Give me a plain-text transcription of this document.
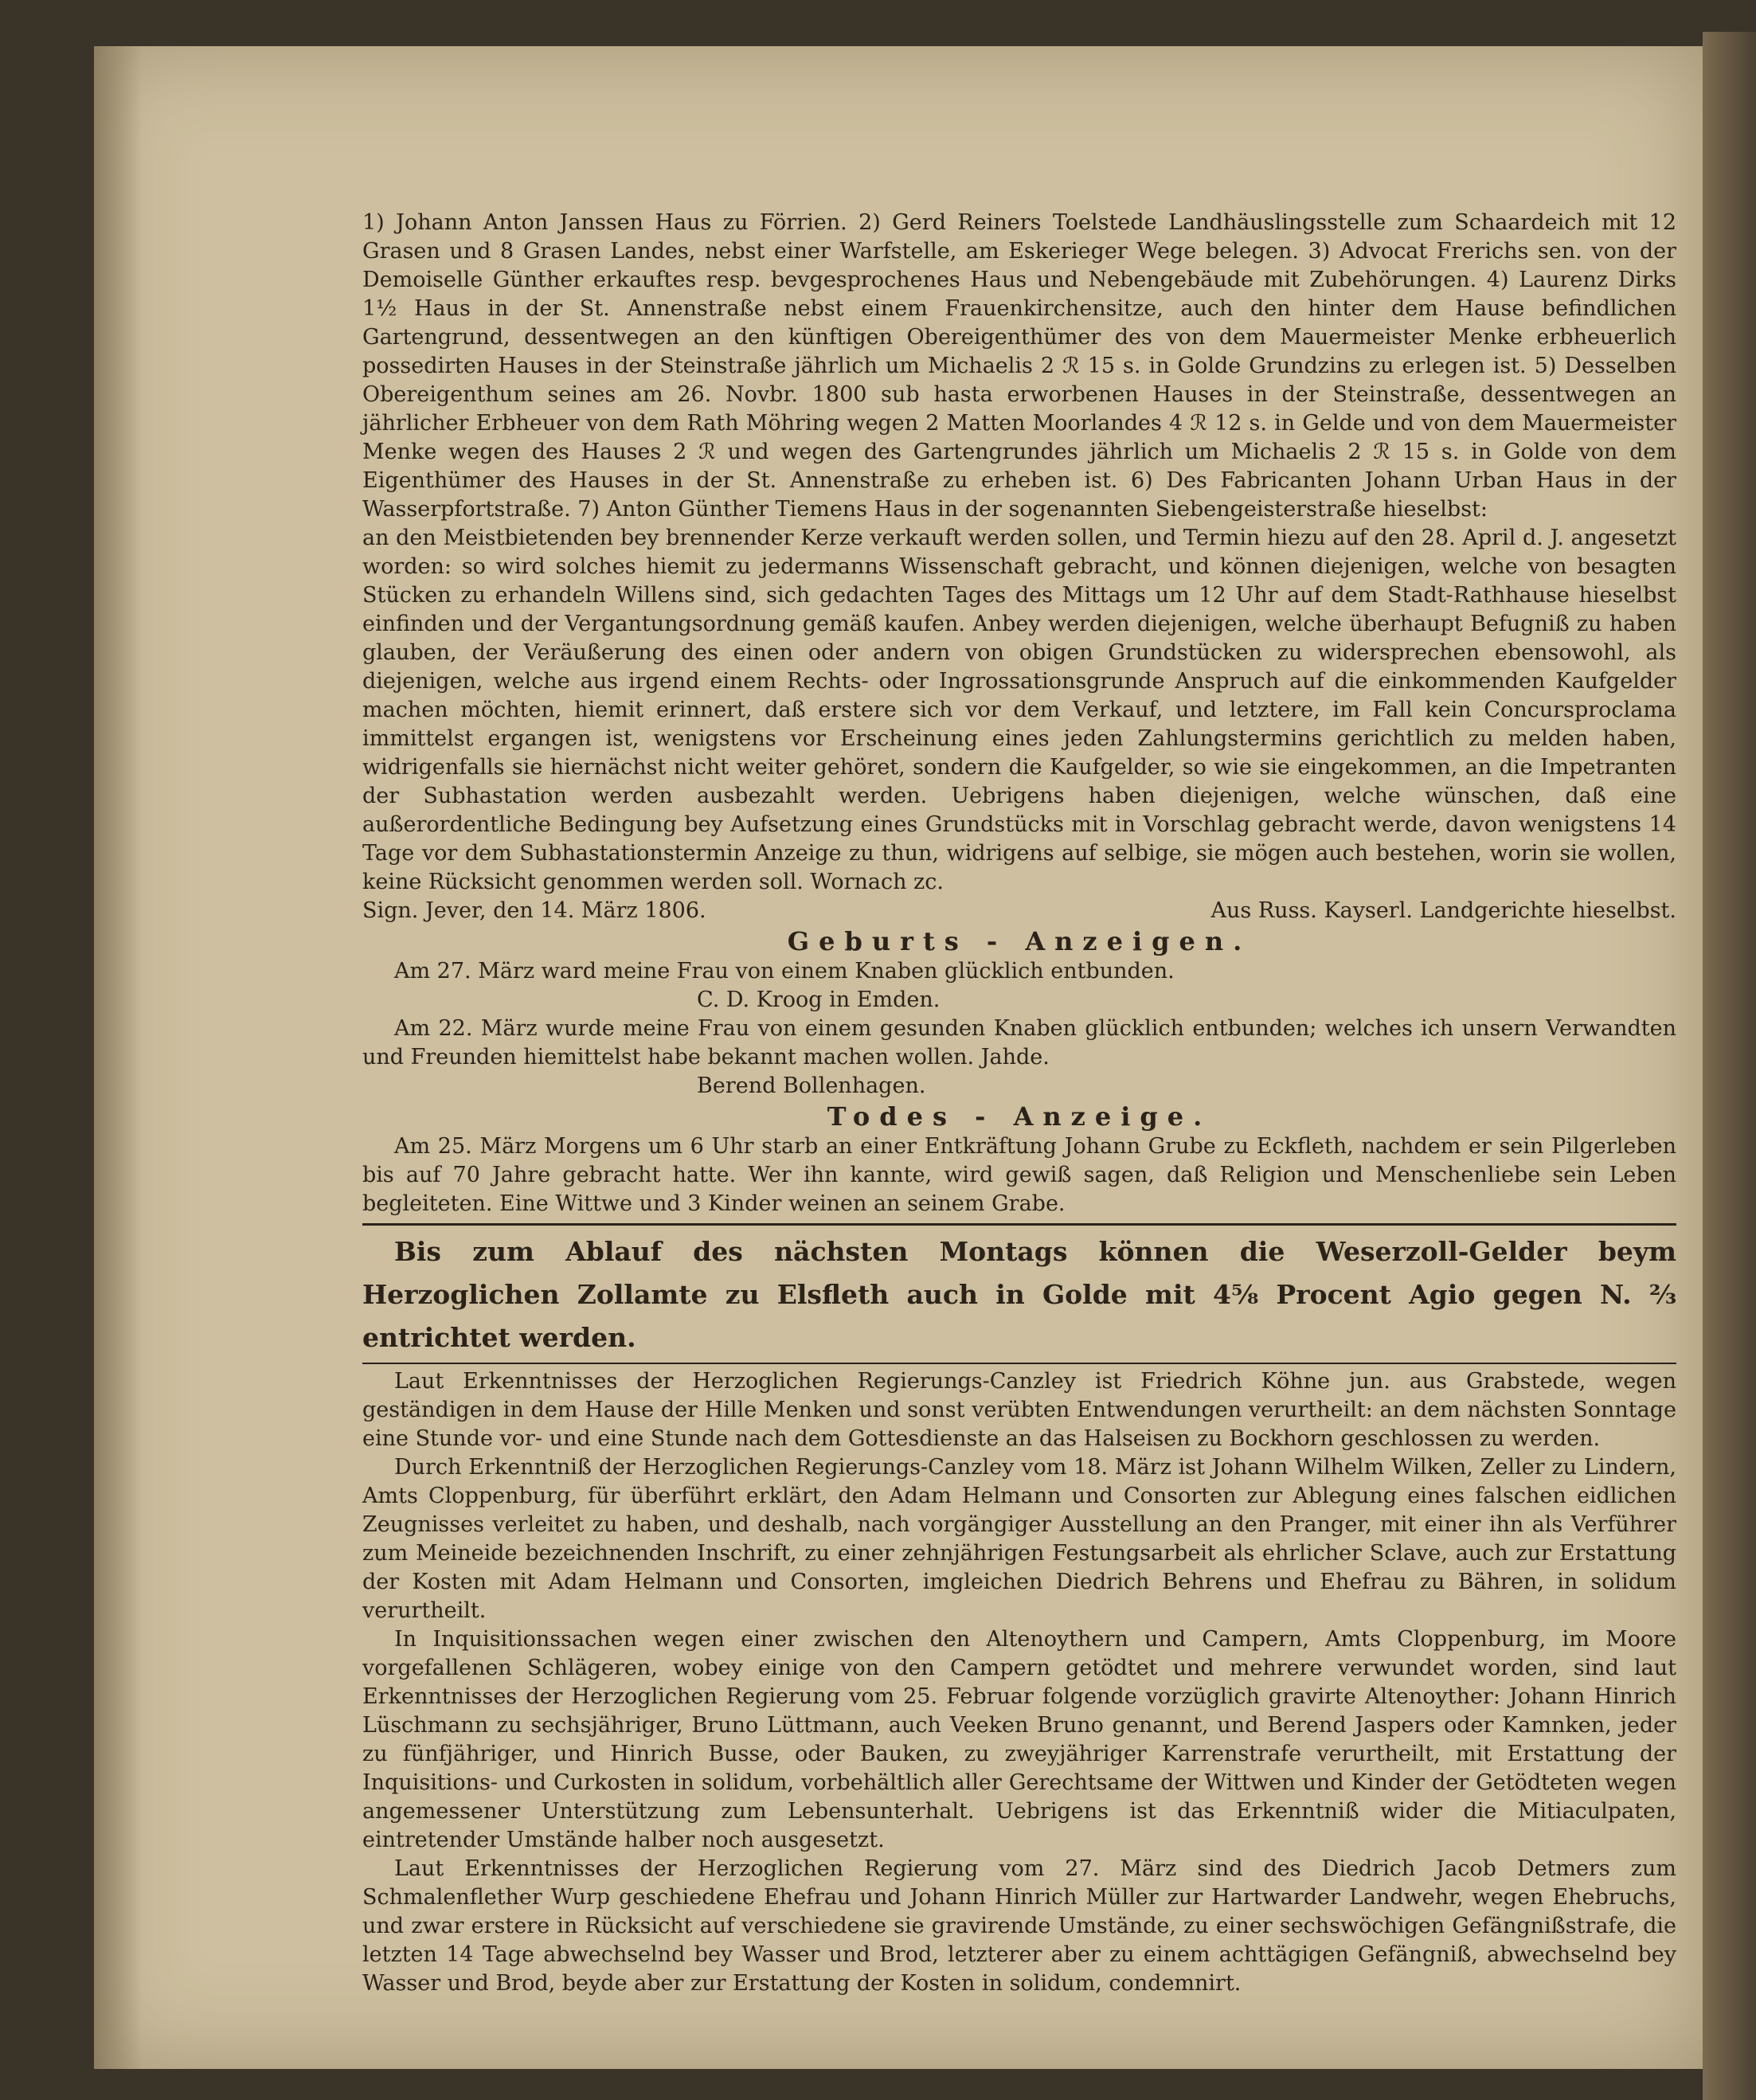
1) Johann Anton Janssen Haus zu Förrien. 2) Gerd Reiners Toelstede Landhäuslingsstelle zum Schaardeich mit 12 Grasen und 8 Grasen Landes, nebst einer Warfstelle, am Eskerieger Wege belegen. 3) Advocat Frerichs sen. von der Demoiselle Günther erkauftes resp. bevgesprochenes Haus und Nebengebäude mit Zubehörungen. 4) Laurenz Dirks 1½ Haus in der St. Annenstraße nebst einem Frauenkirchensitze, auch den hinter dem Hause befindlichen Gartengrund, dessentwegen an den künftigen Obereigenthümer des von dem Mauermeister Menke erbheuerlich possedirten Hauses in der Steinstraße jährlich um Michaelis 2 ℛ 15 s. in Golde Grundzins zu erlegen ist. 5) Desselben Obereigenthum seines am 26. Novbr. 1800 sub hasta erworbenen Hauses in der Steinstraße, dessentwegen an jährlicher Erbheuer von dem Rath Möhring wegen 2 Matten Moorlandes 4 ℛ 12 s. in Gelde und von dem Mauermeister Menke wegen des Hauses 2 ℛ und wegen des Gartengrundes jährlich um Michaelis 2 ℛ 15 s. in Golde von dem Eigenthümer des Hauses in der St. Annenstraße zu erheben ist. 6) Des Fabricanten Johann Urban Haus in der Wasserpfortstraße. 7) Anton Günther Tiemens Haus in der sogenannten Siebengeisterstraße hieselbst:

an den Meistbietenden bey brennender Kerze verkauft werden sollen, und Termin hiezu auf den 28. April d. J. angesetzt worden: so wird solches hiemit zu jedermanns Wissenschaft gebracht, und können diejenigen, welche von besagten Stücken zu erhandeln Willens sind, sich gedachten Tages des Mittags um 12 Uhr auf dem Stadt-Rathhause hieselbst einfinden und der Vergantungsordnung gemäß kaufen. Anbey werden diejenigen, welche überhaupt Befugniß zu haben glauben, der Veräußerung des einen oder andern von obigen Grundstücken zu widersprechen ebensowohl, als diejenigen, welche aus irgend einem Rechts- oder Ingrossationsgrunde Anspruch auf die einkommenden Kaufgelder machen möchten, hiemit erinnert, daß erstere sich vor dem Verkauf, und letztere, im Fall kein Concursproclama immittelst ergangen ist, wenigstens vor Erscheinung eines jeden Zahlungstermins gerichtlich zu melden haben, widrigenfalls sie hiernächst nicht weiter gehöret, sondern die Kaufgelder, so wie sie eingekommen, an die Impetranten der Subhastation werden ausbezahlt werden. Uebrigens haben diejenigen, welche wünschen, daß eine außerordentliche Bedingung bey Aufsetzung eines Grundstücks mit in Vorschlag gebracht werde, davon wenigstens 14 Tage vor dem Subhastationstermin Anzeige zu thun, widrigens auf selbige, sie mögen auch bestehen, worin sie wollen, keine Rücksicht genommen werden soll. Wornach zc.

Sign. Jever, den 14. März 1806.	Aus Russ. Kayserl. Landgerichte hieselbst.
Geburts - Anzeigen.

Am 27. März ward meine Frau von einem Knaben glücklich entbunden.

C. D. Kroog in Emden.

Am 22. März wurde meine Frau von einem gesunden Knaben glücklich entbunden; welches ich unsern Verwandten und Freunden hiemittelst habe bekannt machen wollen. Jahde.

Berend Bollenhagen.
Todes - Anzeige.

Am 25. März Morgens um 6 Uhr starb an einer Entkräftung Johann Grube zu Eckfleth, nachdem er sein Pilgerleben bis auf 70 Jahre gebracht hatte. Wer ihn kannte, wird gewiß sagen, daß Religion und Menschenliebe sein Leben begleiteten. Eine Wittwe und 3 Kinder weinen an seinem Grabe.

Bis zum Ablauf des nächsten Montags können die Weserzoll-Gelder beym Herzoglichen Zollamte zu Elsfleth auch in Golde mit 4⅝ Procent Agio gegen N. ⅔ entrichtet werden.

Laut Erkenntnisses der Herzoglichen Regierungs-Canzley ist Friedrich Köhne jun. aus Grabstede, wegen geständigen in dem Hause der Hille Menken und sonst verübten Entwendungen verurtheilt: an dem nächsten Sonntage eine Stunde vor- und eine Stunde nach dem Gottesdienste an das Halseisen zu Bockhorn geschlossen zu werden.

Durch Erkenntniß der Herzoglichen Regierungs-Canzley vom 18. März ist Johann Wilhelm Wilken, Zeller zu Lindern, Amts Cloppenburg, für überführt erklärt, den Adam Helmann und Consorten zur Ablegung eines falschen eidlichen Zeugnisses verleitet zu haben, und deshalb, nach vorgängiger Ausstellung an den Pranger, mit einer ihn als Verführer zum Meineide bezeichnenden Inschrift, zu einer zehnjährigen Festungsarbeit als ehrlicher Sclave, auch zur Erstattung der Kosten mit Adam Helmann und Consorten, imgleichen Diedrich Behrens und Ehefrau zu Bähren, in solidum verurtheilt.

In Inquisitionssachen wegen einer zwischen den Altenoythern und Campern, Amts Cloppenburg, im Moore vorgefallenen Schlägeren, wobey einige von den Campern getödtet und mehrere verwundet worden, sind laut Erkenntnisses der Herzoglichen Regierung vom 25. Februar folgende vorzüglich gravirte Altenoyther: Johann Hinrich Lüschmann zu sechsjähriger, Bruno Lüttmann, auch Veeken Bruno genannt, und Berend Jaspers oder Kamnken, jeder zu fünfjähriger, und Hinrich Busse, oder Bauken, zu zweyjähriger Karrenstrafe verurtheilt, mit Erstattung der Inquisitions- und Curkosten in solidum, vorbehältlich aller Gerechtsame der Wittwen und Kinder der Getödteten wegen angemessener Unterstützung zum Lebensunterhalt. Uebrigens ist das Erkenntniß wider die Mitiaculpaten, eintretender Umstände halber noch ausgesetzt.

Laut Erkenntnisses der Herzoglichen Regierung vom 27. März sind des Diedrich Jacob Detmers zum Schmalenflether Wurp geschiedene Ehefrau und Johann Hinrich Müller zur Hartwarder Landwehr, wegen Ehebruchs, und zwar erstere in Rücksicht auf verschiedene sie gravirende Umstände, zu einer sechswöchigen Gefängnißstrafe, die letzten 14 Tage abwechselnd bey Wasser und Brod, letzterer aber zu einem achttägigen Gefängniß, abwechselnd bey Wasser und Brod, beyde aber zur Erstattung der Kosten in solidum, condemnirt.
